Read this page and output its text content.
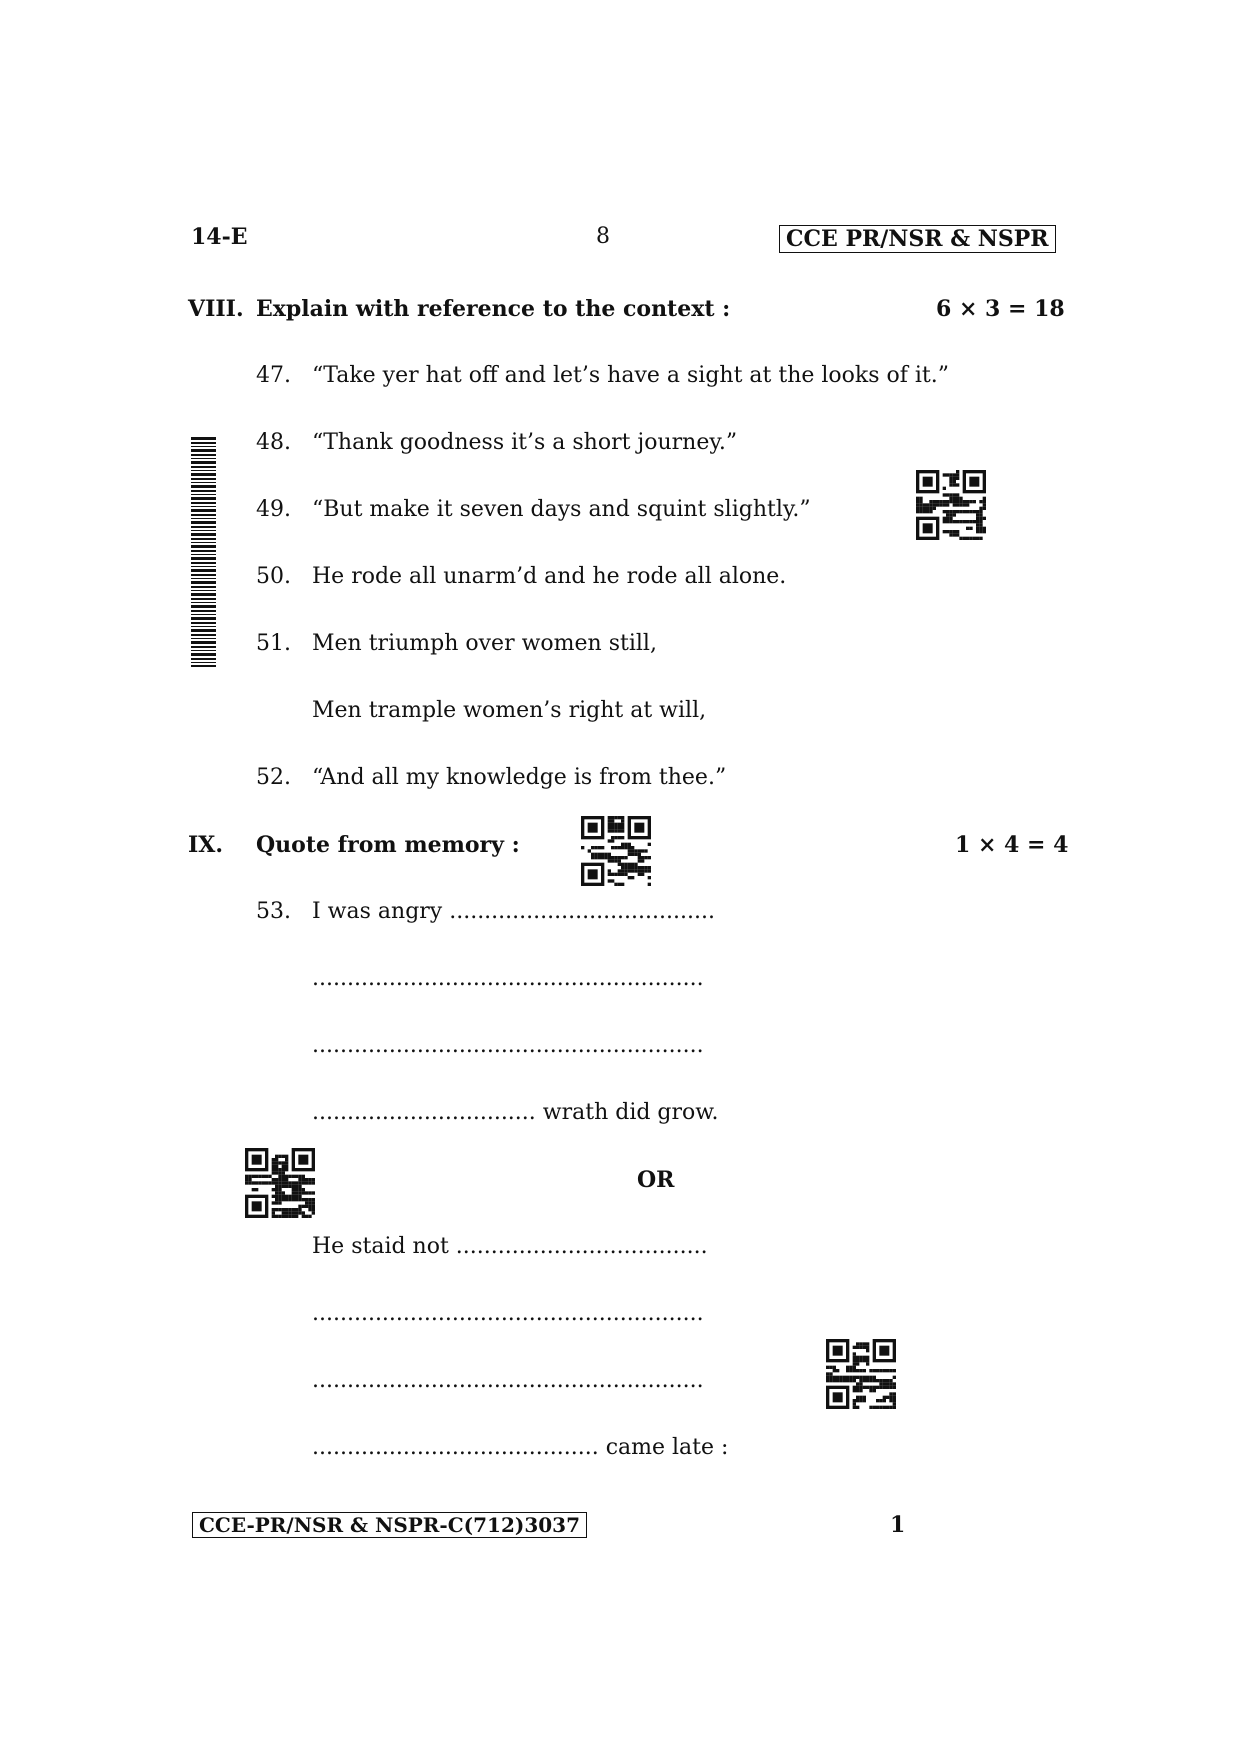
14-E	8	CCE PR/NSR & NSPR
VIII. Explain with reference to the context :	6 × 3 = 18
47. “Take yer hat off and let’s have a sight at the looks of it.”
48. “Thank goodness it’s a short journey.”
49. “But make it seven days and squint slightly.”
50. He rode all unarm’d and he rode all alone.
51. Men triumph over women still,
Men trample women’s right at will,
52. “And all my knowledge is from thee.”
IX. Quote from memory :	1 × 4 = 4
53. I was angry ......................................
........................................................
........................................................
................................ wrath did grow.
OR
He staid not ....................................
........................................................
........................................................
......................................... came late :
CCE-PR/NSR & NSPR-C(712)3037	1
